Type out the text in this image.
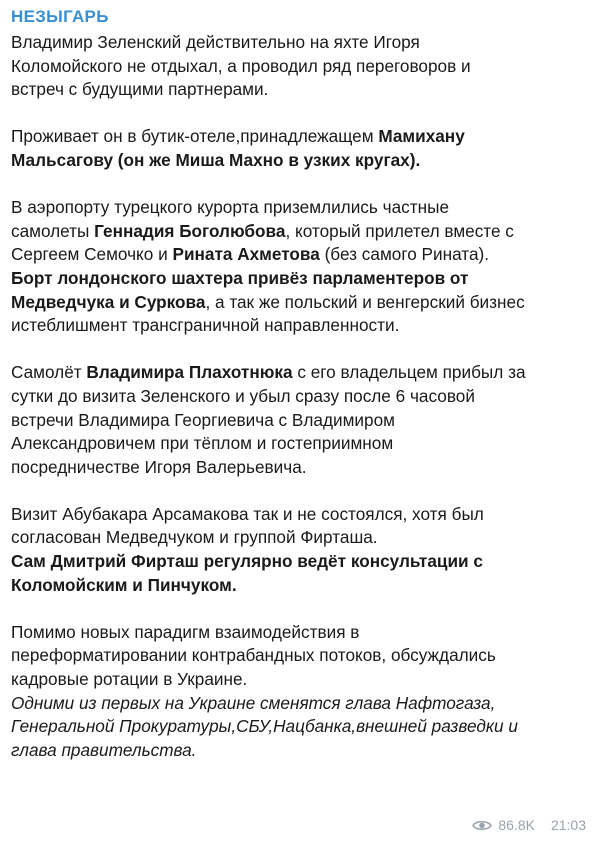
НЕЗЫГАРЬ
Владимир Зеленский действительно на яхте Игоря
Коломойского не отдыхал, а проводил ряд переговоров и
встреч с будущими партнерами.
Проживает он в бутик-отеле,принадлежащем Мамихану
Мальсагову (он же Миша Махно в узких кругах).
В аэропорту турецкого курорта приземлились частные
самолеты Геннадия Боголюбова, который прилетел вместе с
Сергеем Семочко и Рината Ахметова (без самого Рината).
Борт лондонского шахтера привёз парламентеров от
Медведчука и Суркова, а так же польский и венгерский бизнес
истеблишмент трансграничной направленности.
Самолёт Владимира Плахотнюка с его владельцем прибыл за
сутки до визита Зеленского и убыл сразу после 6 часовой
встречи Владимира Георгиевича с Владимиром
Александровичем при тёплом и гостеприимном
посредничестве Игоря Валерьевича.
Визит Абубакара Арсамакова так и не состоялся, хотя был
согласован Медведчуком и группой Фирташа.
Сам Дмитрий Фирташ регулярно ведёт консультации с
Коломойским и Пинчуком.
Помимо новых парадигм взаимодействия в
переформатировании контрабандных потоков, обсуждались
кадровые ротации в Украине.
Одними из первых на Украине сменятся глава Нафтогаза,
Генеральной Прокуратуры,СБУ,Нацбанка,внешней разведки и
глава правительства.
86.8K 21:03
